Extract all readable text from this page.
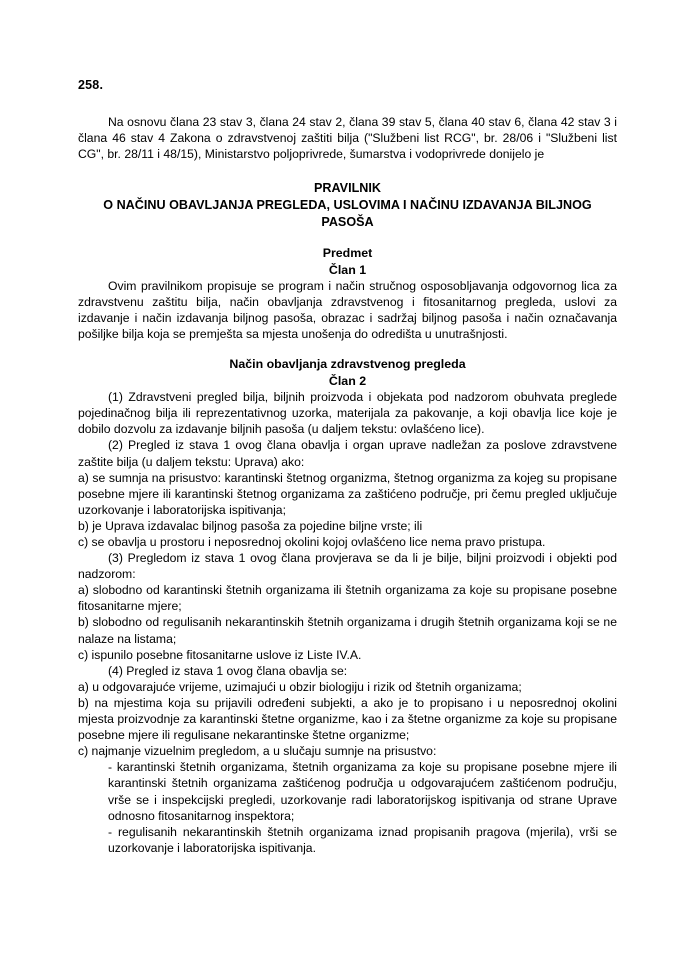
258.

Na osnovu člana 23 stav 3, člana 24 stav 2, člana 39 stav 5, člana 40 stav 6, člana 42 stav 3 i člana 46 stav 4 Zakona o zdravstvenoj zaštiti bilja ("Službeni list RCG", br. 28/06 i "Službeni list CG", br. 28/11 i 48/15), Ministarstvo poljoprivrede, šumarstva i vodoprivrede donijelo je

PRAVILNIK
O NAČINU OBAVLJANJA PREGLEDA, USLOVIMA I NAČINU IZDAVANJA BILJNOG
PASOŠA
Predmet
Član 1

Ovim pravilnikom propisuje se program i način stručnog osposobljavanja odgovornog lica za zdravstvenu zaštitu bilja, način obavljanja zdravstvenog i fitosanitarnog pregleda, uslovi za izdavanje i način izdavanja biljnog pasoša, obrazac i sadržaj biljnog pasoša i način označavanja pošiljke bilja koja se premješta sa mjesta unošenja do odredišta u unutrašnjosti.

Način obavljanja zdravstvenog pregleda
Član 2

(1) Zdravstveni pregled bilja, biljnih proizvoda i objekata pod nadzorom obuhvata preglede pojedinačnog bilja ili reprezentativnog uzorka, materijala za pakovanje, a koji obavlja lice koje je dobilo dozvolu za izdavanje biljnih pasoša (u daljem tekstu: ovlašćeno lice).

(2) Pregled iz stava 1 ovog člana obavlja i organ uprave nadležan za poslove zdravstvene zaštite bilja (u daljem tekstu: Uprava) ako:

a) se sumnja na prisustvo: karantinski štetnog organizma, štetnog organizma za kojeg su propisane posebne mjere ili karantinski štetnog organizama za zaštićeno područje, pri čemu pregled uključuje uzorkovanje i laboratorijska ispitivanja;

b) je Uprava izdavalac biljnog pasoša za pojedine biljne vrste; ili

c) se obavlja u prostoru i neposrednoj okolini kojoj ovlašćeno lice nema pravo pristupa.

(3) Pregledom iz stava 1 ovog člana provjerava se da li je bilje, biljni proizvodi i objekti pod nadzorom:

a) slobodno od karantinski štetnih organizama ili štetnih organizama za koje su propisane posebne fitosanitarne mjere;

b) slobodno od regulisanih nekarantinskih štetnih organizama i drugih štetnih organizama koji se ne nalaze na listama;

c) ispunilo posebne fitosanitarne uslove iz Liste IV.A.

(4) Pregled iz stava 1 ovog člana obavlja se:

a) u odgovarajuće vrijeme, uzimajući u obzir biologiju i rizik od štetnih organizama;

b) na mjestima koja su prijavili određeni subjekti, a ako je to propisano i u neposrednoj okolini mjesta proizvodnje za karantinski štetne organizme, kao i za štetne organizme za koje su propisane posebne mjere ili regulisane nekarantinske štetne organizme;

c) najmanje vizuelnim pregledom, a u slučaju sumnje na prisustvo:

- karantinski štetnih organizama, štetnih organizama za koje su propisane posebne mjere ili karantinski štetnih organizama zaštićenog područja u odgovarajućem zaštićenom području, vrše se i inspekcijski pregledi, uzorkovanje radi laboratorijskog ispitivanja od strane Uprave odnosno fitosanitarnog inspektora;

- regulisanih nekarantinskih štetnih organizama iznad propisanih pragova (mjerila), vrši se uzorkovanje i laboratorijska ispitivanja.
